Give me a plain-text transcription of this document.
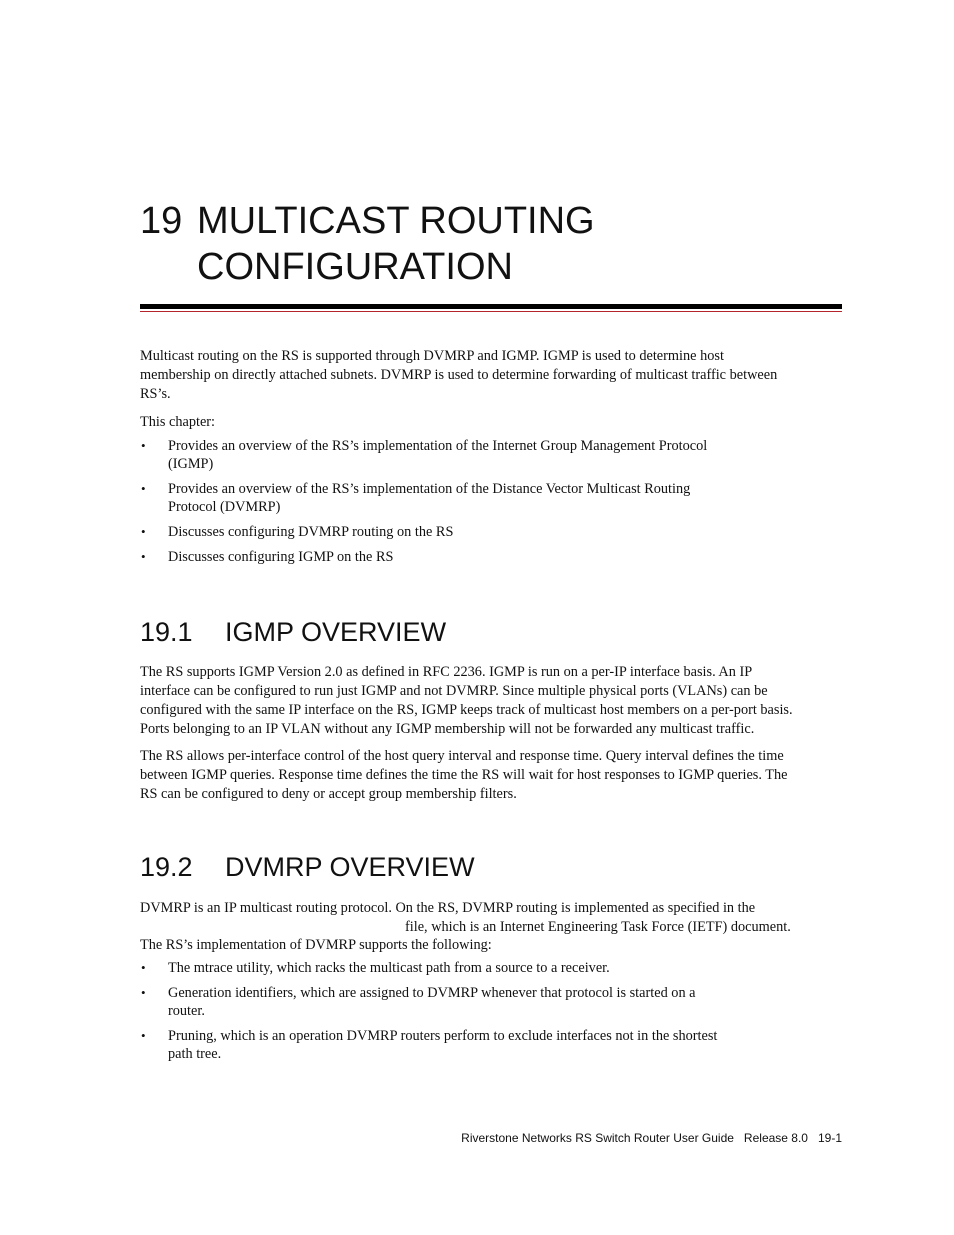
19 MULTICAST ROUTING
CONFIGURATION
Multicast routing on the RS is supported through DVMRP and IGMP. IGMP is used to determine host
membership on directly attached subnets. DVMRP is used to determine forwarding of multicast traffic between
RS’s.
This chapter:
• Provides an overview of the RS’s implementation of the Internet Group Management Protocol
(IGMP)
• Provides an overview of the RS’s implementation of the Distance Vector Multicast Routing
Protocol (DVMRP)
• Discusses configuring DVMRP routing on the RS
• Discusses configuring IGMP on the RS
19.1 IGMP OVERVIEW
The RS supports IGMP Version 2.0 as defined in RFC 2236. IGMP is run on a per-IP interface basis. An IP
interface can be configured to run just IGMP and not DVMRP. Since multiple physical ports (VLANs) can be
configured with the same IP interface on the RS, IGMP keeps track of multicast host members on a per-port basis.
Ports belonging to an IP VLAN without any IGMP membership will not be forwarded any multicast traffic.
The RS allows per-interface control of the host query interval and response time. Query interval defines the time
between IGMP queries. Response time defines the time the RS will wait for host responses to IGMP queries. The
RS can be configured to deny or accept group membership filters.
19.2 DVMRP OVERVIEW
DVMRP is an IP multicast routing protocol. On the RS, DVMRP routing is implemented as specified in the
file, which is an Internet Engineering Task Force (IETF) document.
The RS’s implementation of DVMRP supports the following:
• The mtrace utility, which racks the multicast path from a source to a receiver.
• Generation identifiers, which are assigned to DVMRP whenever that protocol is started on a
router.
• Pruning, which is an operation DVMRP routers perform to exclude interfaces not in the shortest
path tree.
Riverstone Networks RS Switch Router User Guide   Release 8.0   19-1
